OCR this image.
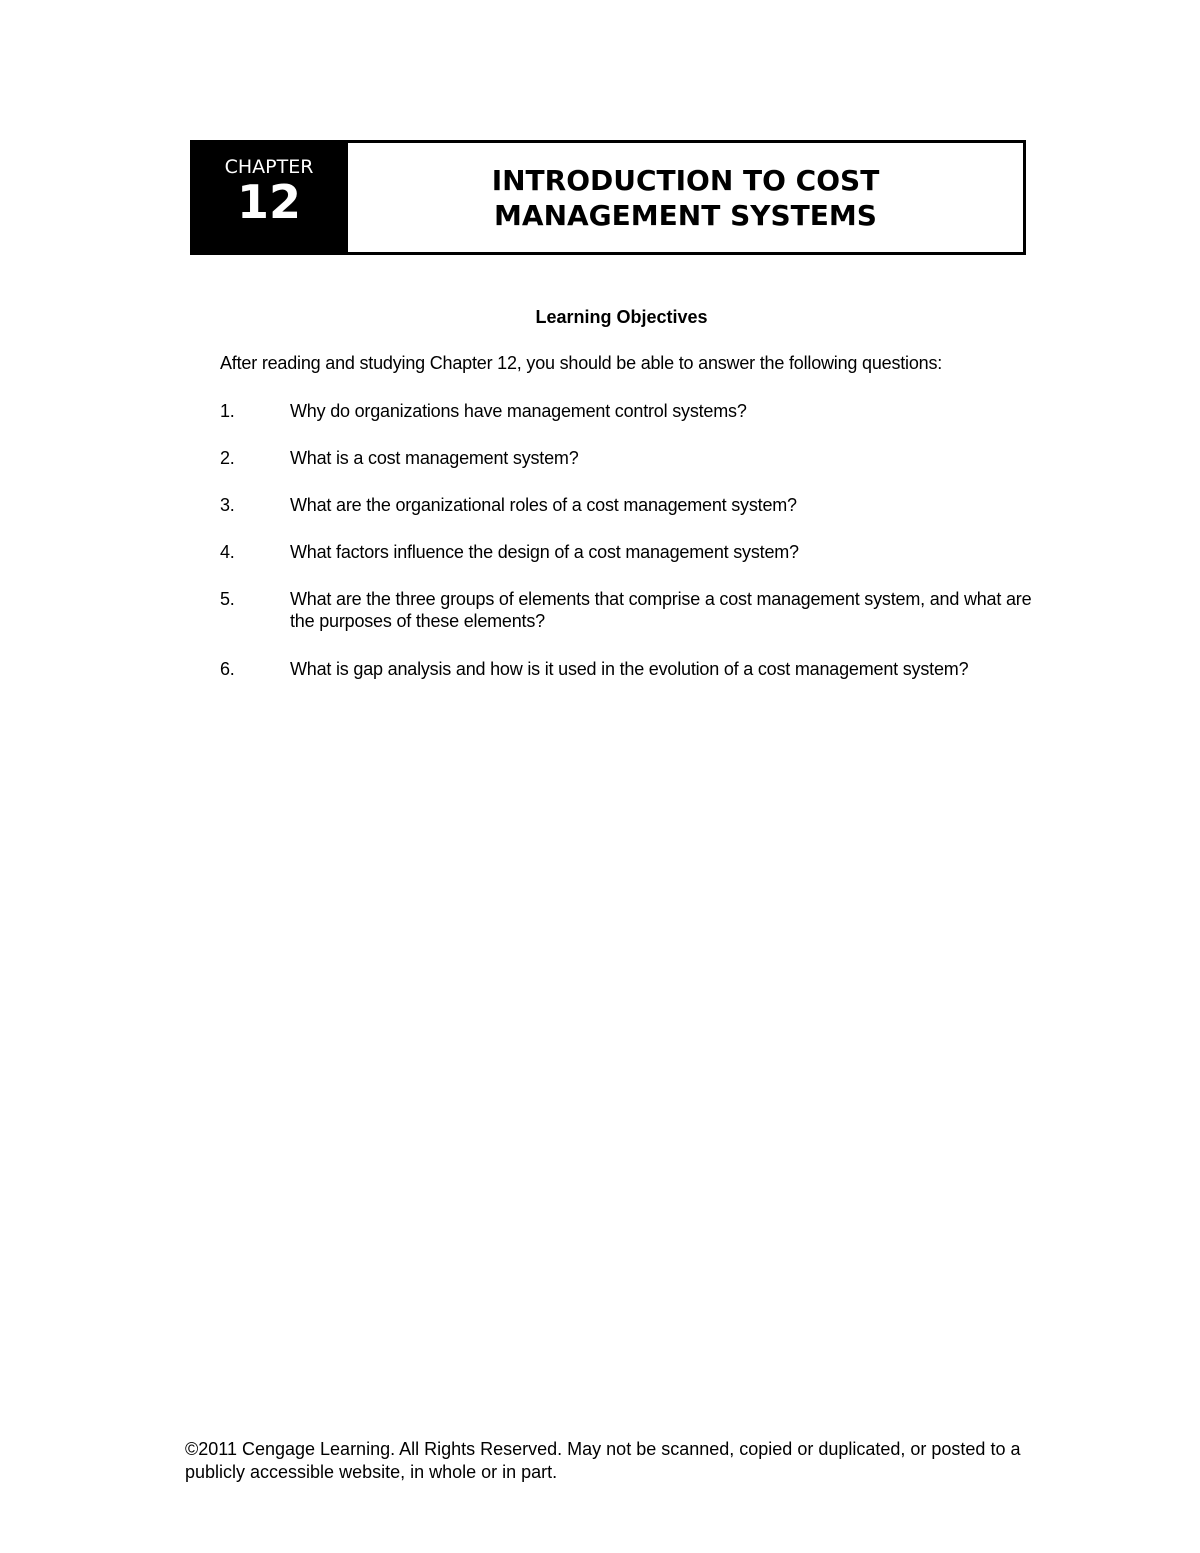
CHAPTER
12	INTRODUCTION TO COST
MANAGEMENT SYSTEMS
Learning Objectives

After reading and studying Chapter 12, you should be able to answer the following questions:

1.	Why do organizations have management control systems?
2.	What is a cost management system?
3.	What are the organizational roles of a cost management system?
4.	What factors influence the design of a cost management system?
5.	What are the three groups of elements that comprise a cost management system, and what are the purposes of these elements?
6.	What is gap analysis and how is it used in the evolution of a cost management system?

©2011 Cengage Learning. All Rights Reserved. May not be scanned, copied or duplicated, or posted to a publicly accessible website, in whole or in part.
